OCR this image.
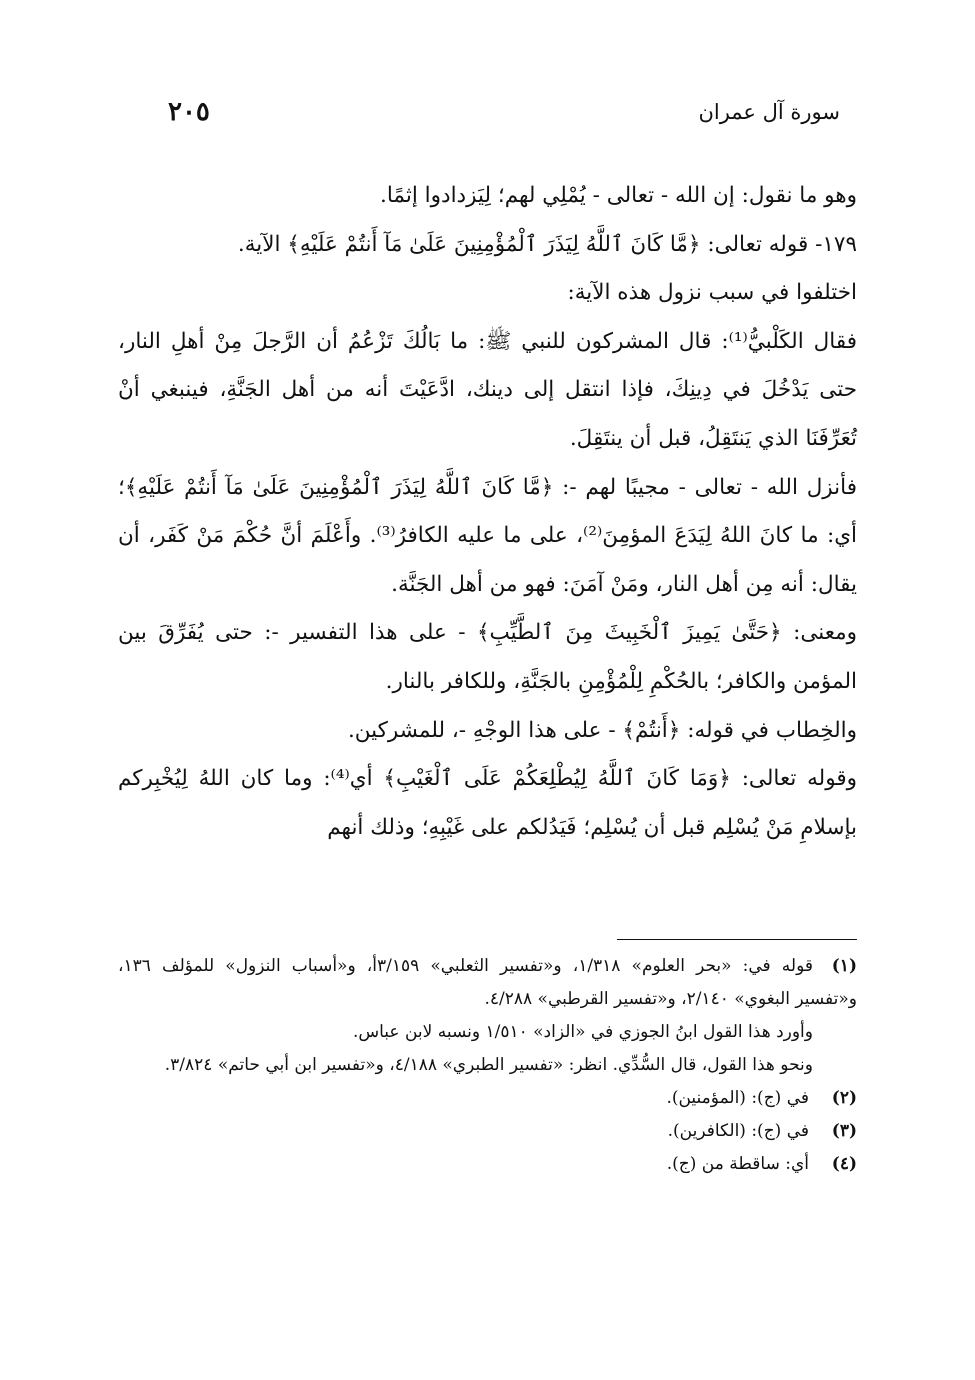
٢٠٥	سورة آل عمران

وهو ما نقول: إن الله - تعالى - يُمْلِي لهم؛ لِيَزدادوا إثمًا.

١٧٩- قوله تعالى: ﴿مَّا كَانَ ٱللَّهُ لِيَذَرَ ٱلْمُؤْمِنِينَ عَلَىٰ مَآ أَنتُمْ عَلَيْهِ﴾ الآية.

اختلفوا في سبب نزول هذه الآية:

فقال الكَلْبيُّ⁽¹⁾: قال المشركون للنبي ﷺ: ما بَالُكَ تَزْعُمُ أن الرَّجلَ مِنْ أهلِ النار، حتى يَدْخُلَ في دِينِكَ، فإذا انتقل إلى دينك، ادَّعَيْتَ أنه من أهل الجَنَّةِ، فينبغي أنْ تُعَرِّفَنَا الذي يَنتَقِلُ، قبل أن ينتَقِلَ.

فأنزل الله - تعالى - مجيبًا لهم -: ﴿مَّا كَانَ ٱللَّهُ لِيَذَرَ ٱلْمُؤْمِنِينَ عَلَىٰ مَآ أَنتُمْ عَلَيْهِ﴾؛ أي: ما كانَ اللهُ لِيَدَعَ المؤمِنَ⁽²⁾، على ما عليه الكافرُ⁽³⁾. وأَعْلَمَ أنَّ حُكْمَ مَنْ كَفَر، أن يقال: أنه مِن أهل النار، ومَنْ آمَنَ: فهو من أهل الجَنَّة.

ومعنى: ﴿حَتَّىٰ يَمِيزَ ٱلْخَبِيثَ مِنَ ٱلطَّيِّبِ﴾ - على هذا التفسير -: حتى يُفَرِّقَ بين المؤمن والكافر؛ بالحُكْمِ لِلْمُؤْمِنِ بالجَنَّةِ، وللكافر بالنار.

والخِطاب في قوله: ﴿أَنتُمْ﴾ - على هذا الوجْهِ -، للمشركين.

وقوله تعالى: ﴿وَمَا كَانَ ٱللَّهُ لِيُطْلِعَكُمْ عَلَى ٱلْغَيْبِ﴾ أي⁽⁴⁾: وما كان اللهُ لِيُخْبِركم بإسلامِ مَنْ يُسْلِم قبل أن يُسْلِم؛ فَيَدُلكم على غَيْبِهِ؛ وذلك أنهم

(١)قوله في: «بحر العلوم» ١/٣١٨، و«تفسير الثعلبي» ٣/١٥٩أ، و«أسباب النزول» للمؤلف ١٣٦، و«تفسير البغوي» ٢/١٤٠، و«تفسير القرطبي» ٤/٢٨٨.

وأورد هذا القول ابنُ الجوزي في «الزاد» ١/٥١٠ ونسبه لابن عباس.

ونحو هذا القول، قال السُّدِّي. انظر: «تفسير الطبري» ٤/١٨٨، و«تفسير ابن أبي حاتم» ٣/٨٢٤.

(٢)في (ج): (المؤمنين).

(٣)في (ج): (الكافرين).

(٤)أي: ساقطة من (ج).
